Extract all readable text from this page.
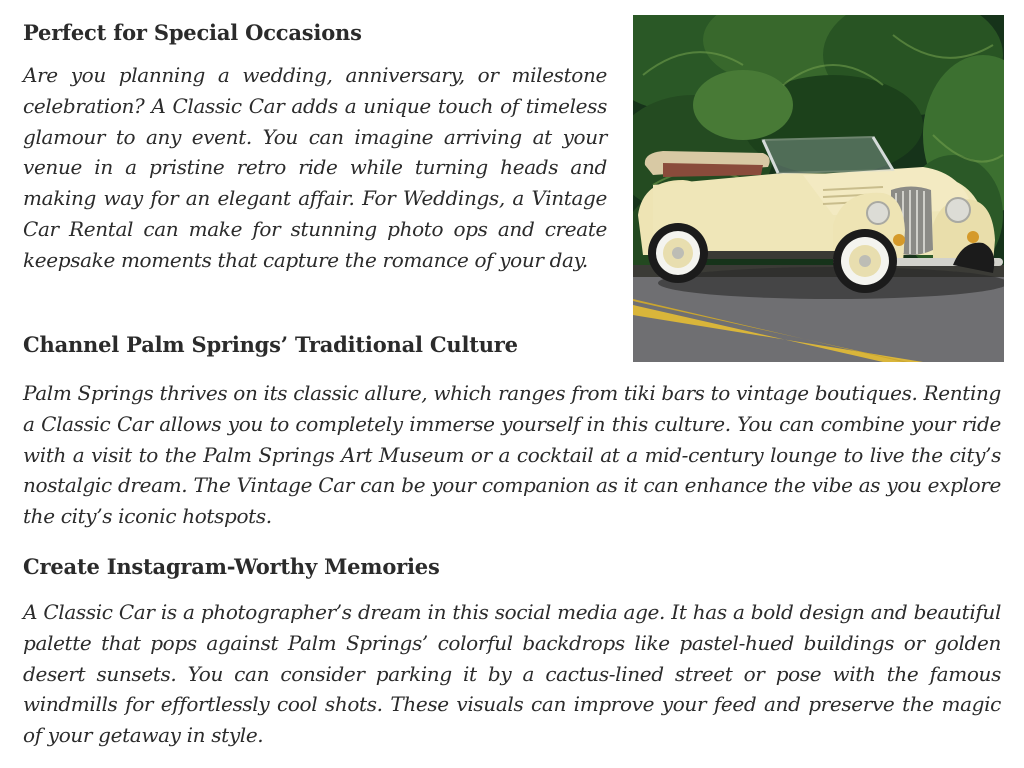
Perfect for Special Occasions

Are you planning a wedding, anniversary, or milestone celebration? A Classic Car adds a unique touch of timeless glamour to any event. You can imagine arriving at your venue in a pristine retro ride while turning heads and making way for an elegant affair. For Weddings, a Vintage Car Rental can make for stunning photo ops and create keepsake moments that capture the romance of your day.

Channel Palm Springs’ Traditional Culture

Palm Springs thrives on its classic allure, which ranges from tiki bars to vintage boutiques. Renting a Classic Car allows you to completely immerse yourself in this culture. You can combine your ride with a visit to the Palm Springs Art Museum or a cocktail at a mid-century lounge to live the city’s nostalgic dream. The Vintage Car can be your companion as it can enhance the vibe as you explore the city’s iconic hotspots.

Create Instagram-Worthy Memories

A Classic Car is a photographer’s dream in this social media age. It has a bold design and beautiful palette that pops against Palm Springs’ colorful backdrops like pastel-hued buildings or golden desert sunsets. You can consider parking it by a cactus-lined street or pose with the famous windmills for effortlessly cool shots. These visuals can improve your feed and preserve the magic of your getaway in style.
